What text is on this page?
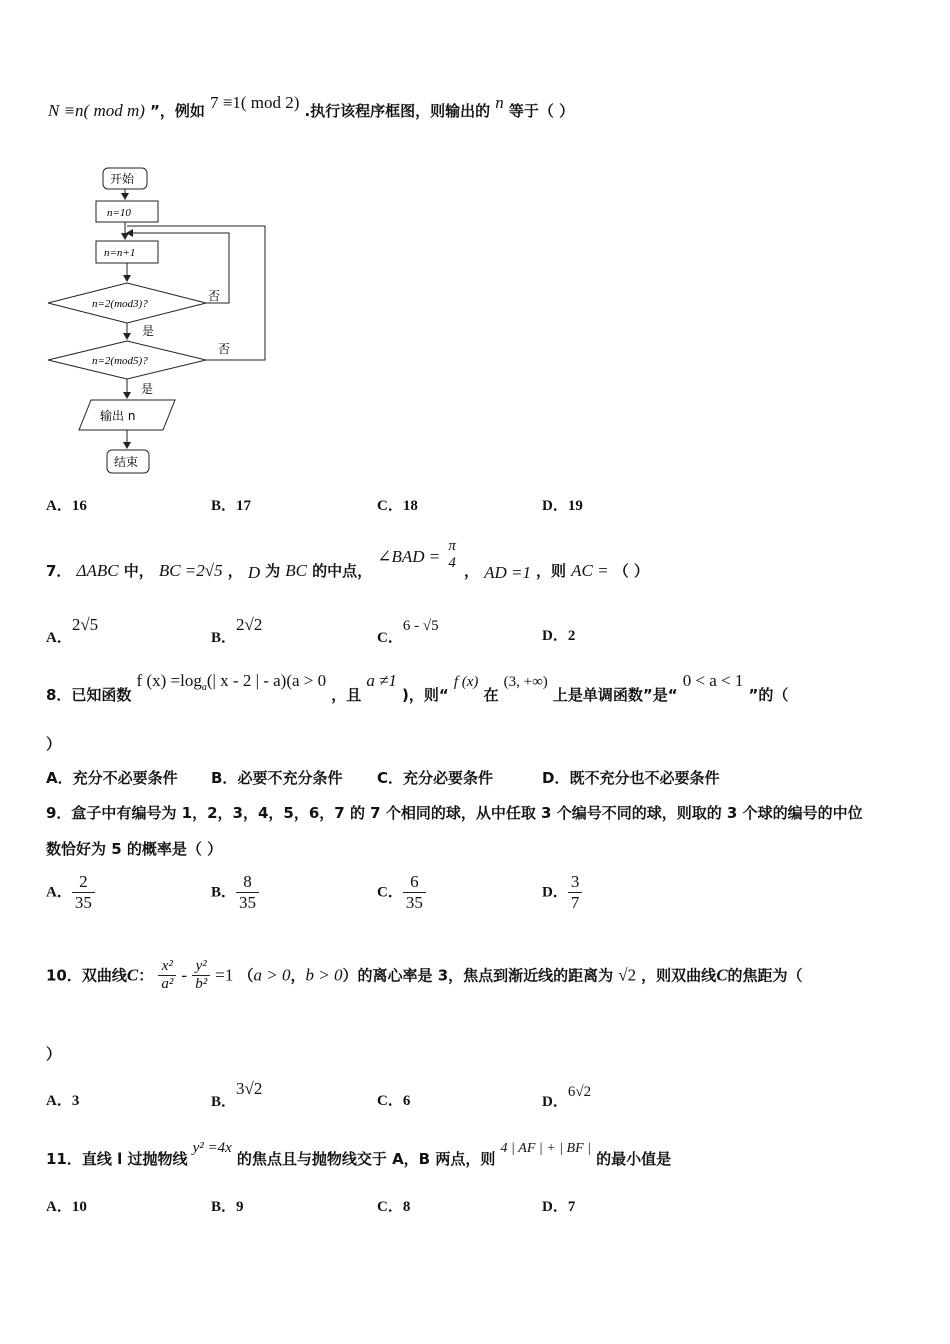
N ≡n( mod m) ”，例如 7 ≡1( mod 2) .执行该程序框图，则输出的 n 等于（ ）
开始
n=10
n=n+1
n=2(mod3)?
否
是
n=2(mod5)?
否
是
输出 n
结束
A．16	B．17	C．18	D．19
7． ΔABC 中， BC =2√5 ， D 为 BC 的中点， ∠BAD =
π
4 ， AD =1 ，则 AC = （ ）
A．2√5
B．2√2
C．6 - √5
D．2
8．已知函数 f $(x) =\log_a(|$ x - 2 | - a)(a > 0 ，且 a ≠1 )，则“ f (x) 在 (3, +∞) 上是单调函数”是“ 0 < a < 1 ”的（
）
A．充分不必要条件 B．必要不充分条件 C．充分必要条件	D．既不充分也不必要条件
9．盒子中有编号为 1，2，3，4，5，6，7 的 7 个相同的球，从中任取 3 个编号不同的球，则取的 3 个球的编号的中位
数恰好为 5 的概率是（ ）
A． $\frac{2}{35}$	B． $\frac{8}{35}$	C． $\frac{6}{35}$	D． $\frac{3}{7}$
10．双曲线C： $\frac{\text{x²}}{\text{a²}} - \frac{\text{y²}}{\text{b²}} =1$ （a > 0，b > 0）的离心率是 3，焦点到渐近线的距离为 √2 ，则双曲线C的焦距为（
）
A．3	B．3√2
C．6	D．6√2
11．直线 l 过抛物线 y² =4x 的焦点且与抛物线交于 A，B 两点，则 4 | AF | + | BF | 的最小值是
A．10	B．9	C．8	D．7
